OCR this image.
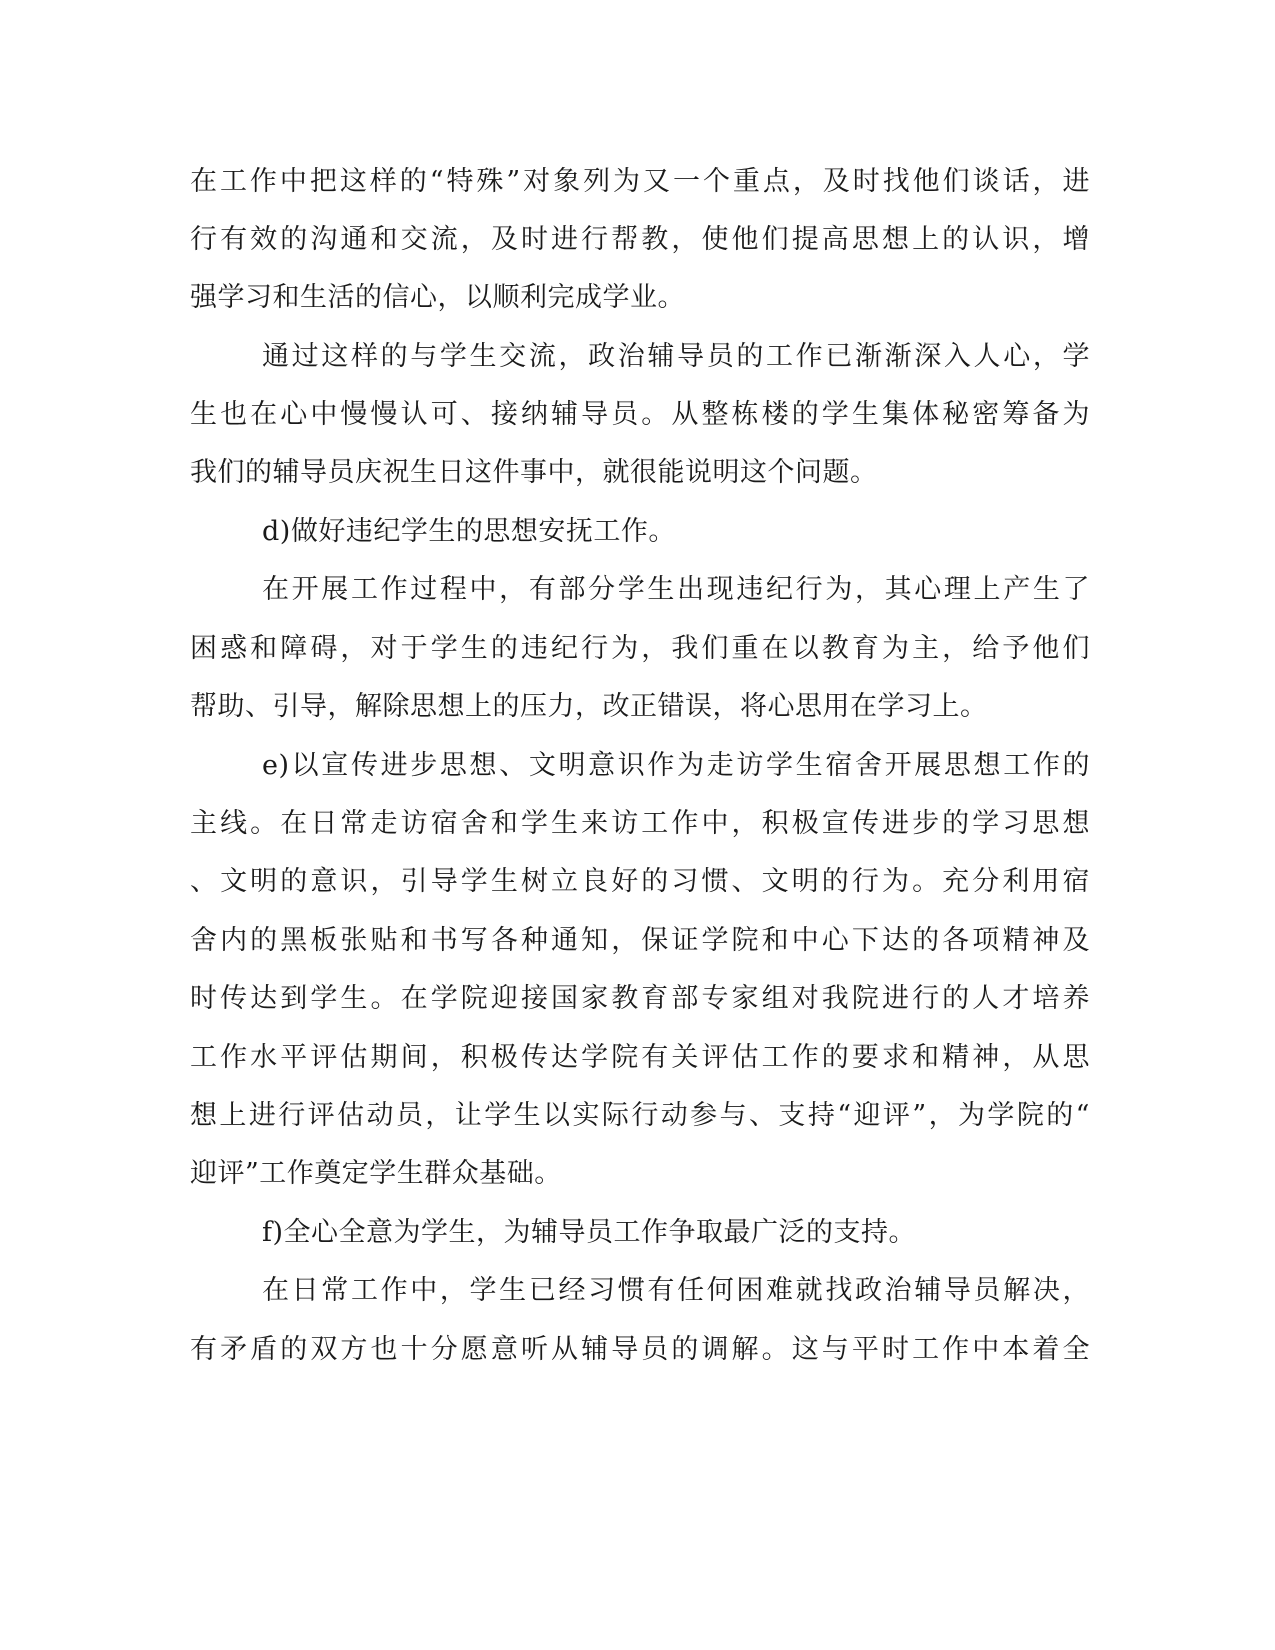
在工作中把这样的“特殊”对象列为又一个重点，及时找他们谈话，进
行有效的沟通和交流，及时进行帮教，使他们提高思想上的认识，增
强学习和生活的信心，以顺利完成学业。
通过这样的与学生交流，政治辅导员的工作已渐渐深入人心，学
生也在心中慢慢认可、接纳辅导员。从整栋楼的学生集体秘密筹备为
我们的辅导员庆祝生日这件事中，就很能说明这个问题。
d)做好违纪学生的思想安抚工作。
在开展工作过程中，有部分学生出现违纪行为，其心理上产生了
困惑和障碍，对于学生的违纪行为，我们重在以教育为主，给予他们
帮助、引导，解除思想上的压力，改正错误，将心思用在学习上。
e)以宣传进步思想、文明意识作为走访学生宿舍开展思想工作的
主线。在日常走访宿舍和学生来访工作中，积极宣传进步的学习思想
、文明的意识，引导学生树立良好的习惯、文明的行为。充分利用宿
舍内的黑板张贴和书写各种通知，保证学院和中心下达的各项精神及
时传达到学生。在学院迎接国家教育部专家组对我院进行的人才培养
工作水平评估期间，积极传达学院有关评估工作的要求和精神，从思
想上进行评估动员，让学生以实际行动参与、支持“迎评”，为学院的“
迎评”工作奠定学生群众基础。
f)全心全意为学生，为辅导员工作争取最广泛的支持。
在日常工作中，学生已经习惯有任何困难就找政治辅导员解决，
有矛盾的双方也十分愿意听从辅导员的调解。这与平时工作中本着全
